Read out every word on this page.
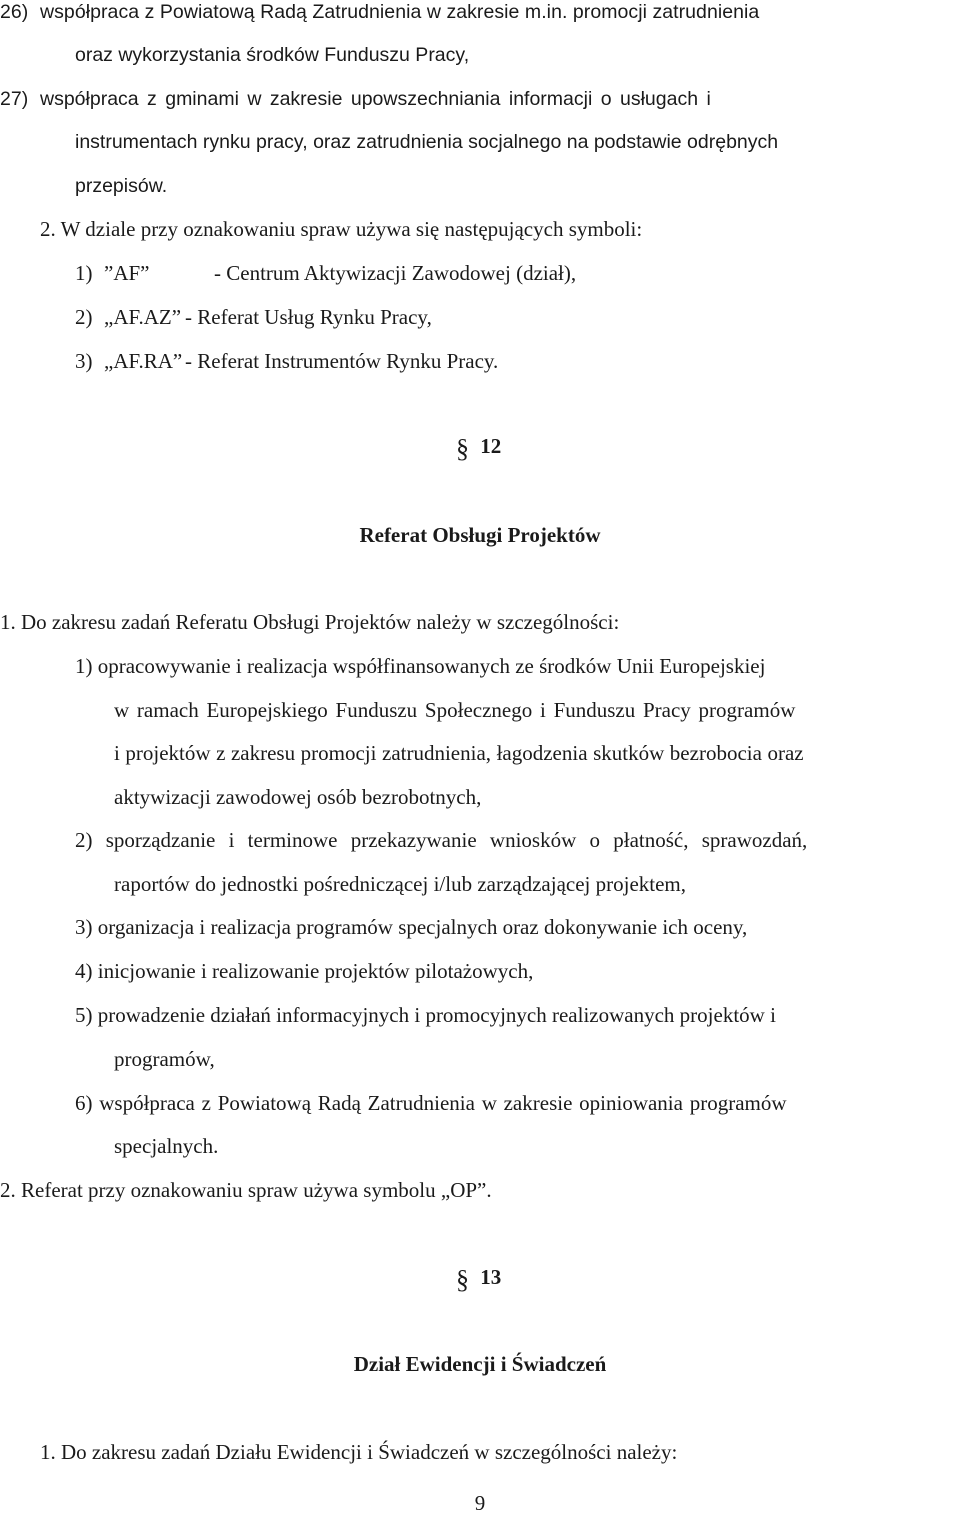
26) współpraca z Powiatową Radą Zatrudnienia w zakresie m.in. promocji zatrudnienia
oraz wykorzystania środków Funduszu Pracy,
27) współpraca z gminami w zakresie upowszechniania informacji o usługach i
instrumentach rynku pracy, oraz zatrudnienia socjalnego na podstawie odrębnych
przepisów.
2. W dziale przy oznakowaniu spraw używa się następujących symboli:
1) ”AF”	- Centrum Aktywizacji Zawodowej (dział),
2) „AF.AZ” - Referat Usług Rynku Pracy,
3) „AF.RA” - Referat Instrumentów Rynku Pracy.
§ 12
Referat Obsługi Projektów
1. Do zakresu zadań Referatu Obsługi Projektów należy w szczególności:
1) opracowywanie i realizacja współfinansowanych ze środków Unii Europejskiej
w ramach Europejskiego Funduszu Społecznego i Funduszu Pracy programów
i projektów z zakresu promocji zatrudnienia, łagodzenia skutków bezrobocia oraz
aktywizacji zawodowej osób bezrobotnych,
2) sporządzanie i terminowe przekazywanie wniosków o płatność, sprawozdań,
raportów do jednostki pośredniczącej i/lub zarządzającej projektem,
3) organizacja i realizacja programów specjalnych oraz dokonywanie ich oceny,
4) inicjowanie i realizowanie projektów pilotażowych,
5) prowadzenie działań informacyjnych i promocyjnych realizowanych projektów i
programów,
6) współpraca z Powiatową Radą Zatrudnienia w zakresie opiniowania programów
specjalnych.
2. Referat przy oznakowaniu spraw używa symbolu „OP”.
§ 13
Dział Ewidencji i Świadczeń
1. Do zakresu zadań Działu Ewidencji i Świadczeń w szczególności należy:
9
